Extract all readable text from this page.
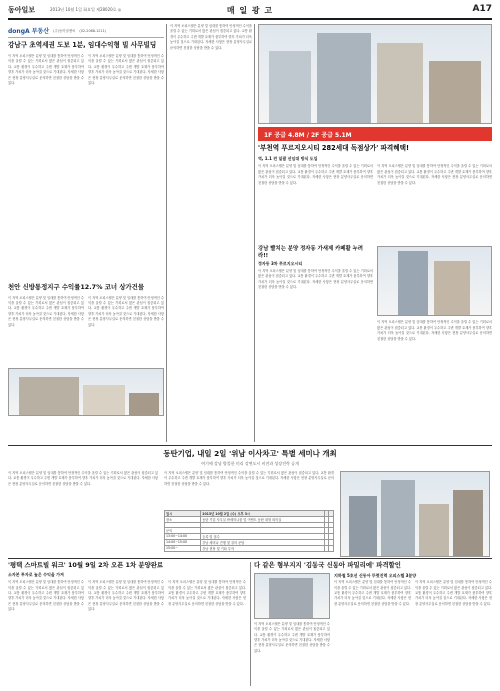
동아일보	2013년 10월 1일 화요일 제28020호 ◎	매 일 광 고	A17
dongA 부동산 (주)동아알앤씨 (02-2088-1211)
강남구 초역세권 도보 1분, 임대수익형 빌 사무빌딩
이 지역 오피스텔은 분양 및 임대를 통하여 안정적인 수익을 올릴 수 있는 기회로서 많은 관심이 집중되고 있다. 교통 환경이 우수하고 주변 개발 호재가 풍부하여 향후 가치가 더욱 높아질 것으로 기대된다. 자세한 사항은 현장 분양사무실로 문의하면 친절한 상담을 받을 수 있다.
이 지역 오피스텔은 분양 및 임대를 통하여 안정적인 수익을 올릴 수 있는 기회로서 많은 관심이 집중되고 있다. 교통 환경이 우수하고 주변 개발 호재가 풍부하여 향후 가치가 더욱 높아질 것으로 기대된다. 자세한 사항은 현장 분양사무실로 문의하면 친절한 상담을 받을 수 있다.
천안 신방통정지구 수익률12.7% 코너 상가건물
이 지역 오피스텔은 분양 및 임대를 통하여 안정적인 수익을 올릴 수 있는 기회로서 많은 관심이 집중되고 있다. 교통 환경이 우수하고 주변 개발 호재가 풍부하여 향후 가치가 더욱 높아질 것으로 기대된다. 자세한 사항은 현장 분양사무실로 문의하면 친절한 상담을 받을 수 있다.
이 지역 오피스텔은 분양 및 임대를 통하여 안정적인 수익을 올릴 수 있는 기회로서 많은 관심이 집중되고 있다. 교통 환경이 우수하고 주변 개발 호재가 풍부하여 향후 가치가 더욱 높아질 것으로 기대된다. 자세한 사항은 현장 분양사무실로 문의하면 친절한 상담을 받을 수 있다.
이 지역 오피스텔은 분양 및 임대를 통하여 안정적인 수익을 올릴 수 있는 기회로서 많은 관심이 집중되고 있다. 교통 환경이 우수하고 주변 개발 호재가 풍부하여 향후 가치가 더욱 높아질 것으로 기대된다. 자세한 사항은 현장 분양사무실로 문의하면 친절한 상담을 받을 수 있다.
1F 공급 4.8M / 2F 공급 5.1M
'부천역 푸르지오시티 282세대 독점상가' 파격혜택!
역, 1.1 전 일괄 선임대 방식 도입
이 지역 오피스텔은 분양 및 임대를 통하여 안정적인 수익을 올릴 수 있는 기회로서 많은 관심이 집중되고 있다. 교통 환경이 우수하고 주변 개발 호재가 풍부하여 향후 가치가 더욱 높아질 것으로 기대된다. 자세한 사항은 현장 분양사무실로 문의하면 친절한 상담을 받을 수 있다.
이 지역 오피스텔은 분양 및 임대를 통하여 안정적인 수익을 올릴 수 있는 기회로서 많은 관심이 집중되고 있다. 교통 환경이 우수하고 주변 개발 호재가 풍부하여 향후 가치가 더욱 높아질 것으로 기대된다. 자세한 사항은 현장 분양사무실로 문의하면 친절한 상담을 받을 수 있다.
강남 빨치는 분양 정자동 가새제 카페활 누려라!!
정자동 3차 푸르지오시티
이 지역 오피스텔은 분양 및 임대를 통하여 안정적인 수익을 올릴 수 있는 기회로서 많은 관심이 집중되고 있다. 교통 환경이 우수하고 주변 개발 호재가 풍부하여 향후 가치가 더욱 높아질 것으로 기대된다. 자세한 사항은 현장 분양사무실로 문의하면 친절한 상담을 받을 수 있다.
이 지역 오피스텔은 분양 및 임대를 통하여 안정적인 수익을 올릴 수 있는 기회로서 많은 관심이 집중되고 있다. 교통 환경이 우수하고 주변 개발 호재가 풍부하여 향후 가치가 더욱 높아질 것으로 기대된다. 자세한 사항은 현장 분양사무실로 문의하면 친절한 상담을 받을 수 있다.
동탄기업, 내일 2일 '위남 이사차고' 특별 세미나 개최
여기에 강남 방불한 미리 강변도시 비전과 성장전략 공개
이 지역 오피스텔은 분양 및 임대를 통하여 안정적인 수익을 올릴 수 있는 기회로서 많은 관심이 집중되고 있다. 교통 환경이 우수하고 주변 개발 호재가 풍부하여 향후 가치가 더욱 높아질 것으로 기대된다. 자세한 사항은 현장 분양사무실로 문의하면 친절한 상담을 받을 수 있다.
이 지역 오피스텔은 분양 및 임대를 통하여 안정적인 수익을 올릴 수 있는 기회로서 많은 관심이 집중되고 있다. 교통 환경이 우수하고 주변 개발 호재가 풍부하여 향후 가치가 더욱 높아질 것으로 기대된다. 자세한 사항은 현장 분양사무실로 문의하면 친절한 상담을 받을 수 있다.
일시	2013년 10월 2일 (수) 오후 3시		
장소	동탄 기업 사무실 ㈜세미나룸 및 이벤트 동탄 대형 회의실		

문의			
13:00~14:00	등록 및 접수		
14:00~15:00	강남 세미나 진행 및 질의 문답		
15:00~	강남 현장 및 기타 투자		
'평택 스마트빌 워크' 10월 9일 2차 오픈 1차 분양완료
소자본 투자로 높은 수익을 가져
이 지역 오피스텔은 분양 및 임대를 통하여 안정적인 수익을 올릴 수 있는 기회로서 많은 관심이 집중되고 있다. 교통 환경이 우수하고 주변 개발 호재가 풍부하여 향후 가치가 더욱 높아질 것으로 기대된다. 자세한 사항은 현장 분양사무실로 문의하면 친절한 상담을 받을 수 있다.
이 지역 오피스텔은 분양 및 임대를 통하여 안정적인 수익을 올릴 수 있는 기회로서 많은 관심이 집중되고 있다. 교통 환경이 우수하고 주변 개발 호재가 풍부하여 향후 가치가 더욱 높아질 것으로 기대된다. 자세한 사항은 현장 분양사무실로 문의하면 친절한 상담을 받을 수 있다.
이 지역 오피스텔은 분양 및 임대를 통하여 안정적인 수익을 올릴 수 있는 기회로서 많은 관심이 집중되고 있다. 교통 환경이 우수하고 주변 개발 호재가 풍부하여 향후 가치가 더욱 높아질 것으로 기대된다. 자세한 사항은 현장 분양사무실로 문의하면 친절한 상담을 받을 수 있다.
다 같은 형부지지 '김동국 신동아 파밀리에' 파격할인
이 지역 오피스텔은 분양 및 임대를 통하여 안정적인 수익을 올릴 수 있는 기회로서 많은 관심이 집중되고 있다. 교통 환경이 우수하고 주변 개발 호재가 풍부하여 향후 가치가 더욱 높아질 것으로 기대된다. 자세한 사항은 현장 분양사무실로 문의하면 친절한 상담을 받을 수 있다.
지하철 5호선 신동아 뚜렷진력 오피스텔 3분양
이 지역 오피스텔은 분양 및 임대를 통하여 안정적인 수익을 올릴 수 있는 기회로서 많은 관심이 집중되고 있다. 교통 환경이 우수하고 주변 개발 호재가 풍부하여 향후 가치가 더욱 높아질 것으로 기대된다. 자세한 사항은 현장 분양사무실로 문의하면 친절한 상담을 받을 수 있다.
이 지역 오피스텔은 분양 및 임대를 통하여 안정적인 수익을 올릴 수 있는 기회로서 많은 관심이 집중되고 있다. 교통 환경이 우수하고 주변 개발 호재가 풍부하여 향후 가치가 더욱 높아질 것으로 기대된다. 자세한 사항은 현장 분양사무실로 문의하면 친절한 상담을 받을 수 있다.
